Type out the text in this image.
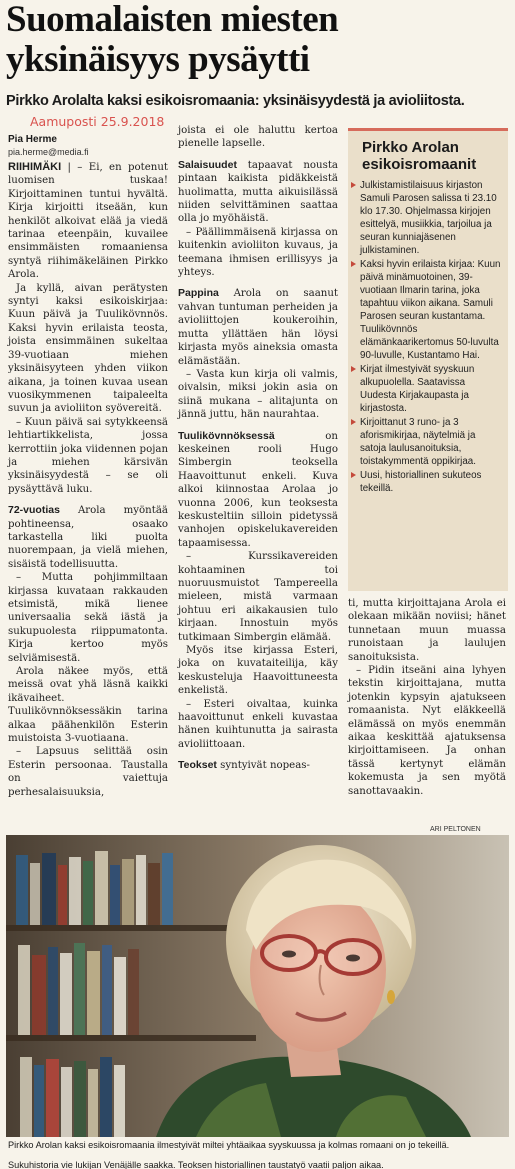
Suomalaisten miesten
yksinäisyys pysäytti
Pirkko Arolalta kaksi esikoisromaania: yksinäisyydestä ja avioliitosta.
Aamuposti 25.9.2018
Pia Herme
pia.herme@media.fi

RIIHIMÄKI | – Ei, en potenut luomisen tuskaa! Kirjoittaminen tuntui hyvältä. Kirja kirjoitti itseään, kun henkilöt alkoivat elää ja viedä tarinaa eteenpäin, kuvailee ensimmäisten romaaniensa syntyä riihimäkeläinen Pirkko Arola.

Ja kyllä, aivan perätysten syntyi kaksi esikoiskirjaa: Kuun päivä ja Tuulikövnnös. Kaksi hyvin erilaista teosta, joista ensimmäinen sukeltaa 39-vuotiaan miehen yksinäisyyteen yhden viikon aikana, ja toinen kuvaa usean vuosikymmenen taipaleelta suvun ja avioliiton syövereitä.

– Kuun päivä sai sytykkeensä lehtiartikkelista, jossa kerrottiin joka viidennen pojan ja miehen kärsivän yksinäisyydestä – se oli pysäyttävä luku.

72-vuotias Arola myöntää pohtineensa, osaako tarkastella liki puolta nuorempaan, ja vielä miehen, sisäistä todellisuutta.

– Mutta pohjimmiltaan kirjassa kuvataan rakkauden etsimistä, mikä lienee universaalia sekä iästä ja sukupuolesta riippumatonta. Kirja kertoo myös selviämisestä.

Arola näkee myös, että meissä ovat yhä läsnä kaikki ikävaiheet. Tuulikövnnöksessäkin tarina alkaa päähenkilön Esterin muistoista 3-vuotiaana.

– Lapsuus selittää osin Esterin persoonaa. Taustalla on vaiettuja perhesalaisuuksia,

joista ei ole haluttu kertoa pienelle lapselle.

Salaisuudet tapaavat nousta pintaan kaikista pidäkkeistä huolimatta, mutta aikuisilässä niiden selvittäminen saattaa olla jo myöhäistä.

– Päällimmäisenä kirjassa on kuitenkin avioliiton kuvaus, ja teemana ihmisen erillisyys ja yhteys.

Pappina Arola on saanut vahvan tuntuman perheiden ja avioliittojen koukeroihin, mutta yllättäen hän löysi kirjasta myös aineksia omasta elämästään.

– Vasta kun kirja oli valmis, oivalsin, miksi jokin asia on siinä mukana – alitajunta on jännä juttu, hän naurahtaa.

Tuulikövnnöksessä on keskeinen rooli Hugo Simbergin teoksella Haavoittunut enkeli. Kuva alkoi kiinnostaa Arolaa jo vuonna 2006, kun teoksesta keskusteltiin silloin pidetyssä vanhojen opiskelukavereiden tapaamisessa.

– Kurssikavereiden kohtaaminen toi nuoruusmuistot Tampereella mieleen, mistä varmaan johtuu eri aikakausien tulo kirjaan. Innostuin myös tutkimaan Simbergin elämää.

Myös itse kirjassa Esteri, joka on kuvataiteilija, käy keskusteluja Haavoittuneesta enkelistä.

– Esteri oivaltaa, kuinka haavoittunut enkeli kuvastaa hänen kuihtunutta ja sairasta avioliittoaan.

Teokset syntyivät nopeas-

Pirkko Arolan
esikoisromaanit
Julkistamistilaisuus kirjaston Samuli Parosen salissa ti 23.10 klo 17.30. Ohjelmassa kirjojen esittelyä, musiikkia, tarjoilua ja seuran kunniajäsenen julkistaminen.
Kaksi hyvin erilaista kirjaa: Kuun päivä minämuotoinen, 39-vuotiaan Ilmarin tarina, joka tapahtuu viikon aikana. Samuli Parosen seuran kustantama. Tuulikövnnös elämänkaarikertomus 50-luvulta 90-luvulle, Kustantamo Hai.
Kirjat ilmestyivät syyskuun alkupuolella. Saatavissa Uudesta Kirjakaupasta ja kirjastosta.
Kirjoittanut 3 runo- ja 3 aforismikirjaa, näytelmiä ja satoja laulusanoituksia, toistakymmentä oppikirjaa.
Uusi, historiallinen sukuteos tekeillä.

ti, mutta kirjoittajana Arola ei olekaan mikään noviisi; hänet tunnetaan muun muassa runoistaan ja laulujen sanoituksista.

– Pidin itseäni aina lyhyen tekstin kirjoittajana, mutta jotenkin kypsyin ajatukseen romaanista. Nyt eläkkeellä elämässä on myös enemmän aikaa keskittää ajatuksensa kirjoittamiseen. Ja onhan tässä kertynyt elämän kokemusta ja sen myötä sanottavaakin.

ARI PELTONEN
Pirkko Arolan kaksi esikoisromaania ilmestyivät miltei yhtäaikaa syyskuussa ja kolmas romaani on jo tekeillä.
Sukuhistoria vie lukijan Venäjälle saakka. Teoksen historiallinen taustatyö vaatii paljon aikaa.
